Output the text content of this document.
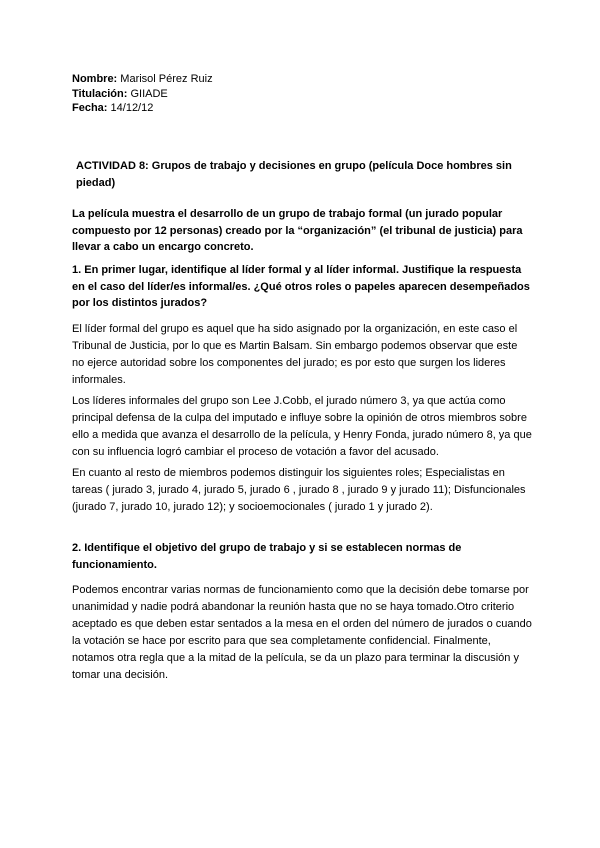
Nombre: Marisol Pérez Ruiz
Titulación: GIIADE
Fecha: 14/12/12
ACTIVIDAD 8: Grupos de trabajo y decisiones en grupo (película Doce hombres sin piedad)
La película muestra el desarrollo de un grupo de trabajo formal (un jurado popular compuesto por 12 personas) creado por la “organización” (el tribunal de justicia) para llevar a cabo un encargo concreto.
1. En primer lugar, identifique al líder formal y al líder informal. Justifique la respuesta en el caso del líder/es informal/es. ¿Qué otros roles o papeles aparecen desempeñados por los distintos jurados?
El líder formal del grupo es aquel que ha sido asignado por la organización, en este caso el Tribunal de Justicia, por lo que es Martin Balsam. Sin embargo podemos observar que este no ejerce autoridad sobre los componentes del jurado; es por esto que surgen los lideres informales.
Los líderes informales del grupo son Lee J.Cobb, el jurado número 3, ya que actúa como principal defensa de la culpa del imputado e influye sobre la opinión de otros miembros sobre ello a medida que avanza el desarrollo de la película, y Henry Fonda, jurado número 8, ya que con su influencia logró cambiar el proceso de votación a favor del acusado.
En cuanto al resto de miembros podemos distinguir los siguientes roles; Especialistas en tareas ( jurado 3, jurado 4, jurado 5, jurado 6 , jurado 8 , jurado 9 y jurado 11); Disfuncionales (jurado 7, jurado 10, jurado 12); y socioemocionales ( jurado 1 y jurado 2).
2. Identifique el objetivo del grupo de trabajo y si se establecen normas de funcionamiento.
Podemos encontrar varias normas de funcionamiento como que la decisión debe tomarse por unanimidad y nadie podrá abandonar la reunión hasta que no se haya tomado.Otro criterio aceptado es que deben estar sentados a la mesa en el orden del número de jurados o cuando la votación se hace por escrito para que sea completamente confidencial. Finalmente, notamos otra regla que a la mitad de la película, se da un plazo para terminar la discusión y tomar una decisión.
